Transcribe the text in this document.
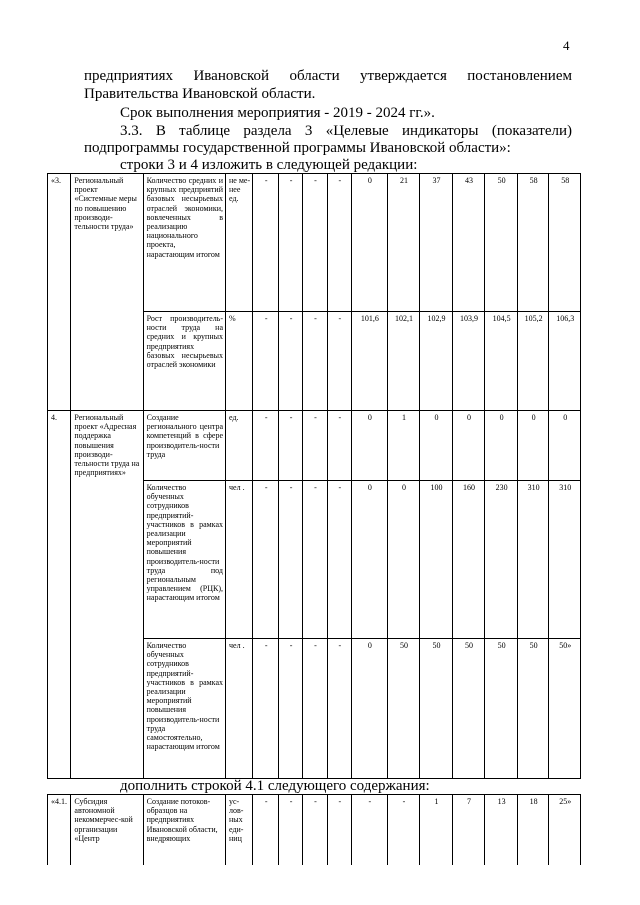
4
предприятиях Ивановской области утверждается постановлением
Правительства Ивановской области.
Срок выполнения мероприятия - 2019 - 2024 гг.».
3.3. В таблице раздела 3 «Целевые индикаторы (показатели)
подпрограммы государственной программы Ивановской области»:
строки 3 и 4 изложить в следующей редакции:
«3.	Региональный проект «Системные меры по повышению производи-тельности труда»	Количество средних и крупных предприятий базовых несырьевых отраслей экономики, вовлеченных в реализацию национального проекта, нарастающим итогом	не ме-нее ед.	-	-	-	-	0	21	37	43	50	58	58
		Рост производитель-ности труда на средних и крупных предприятиях базовых несырьевых отраслей экономики	%	-	-	-	-	101,6	102,1	102,9	103,9	104,5	105,2	106,3
4.	Региональный проект «Адресная поддержка повышения производи-тельности труда на предприятиях»	Создание регионального центра компетенций в сфере производитель-ности труда	ед.	-	-	-	-	0	1	0	0	0	0	0
		Количество обученных сотрудников предприятий-участников в рамках реализации мероприятий повышения производитель-ности труда под региональным управлением (РЦК), нарастающим итогом	чел .	-	-	-	-	0	0	100	160	230	310	310
		Количество обученных сотрудников предприятий-участников в рамках реализации мероприятий повышения производитель-ности труда самостоятельно, нарастающим итогом	чел .	-	-	-	-	0	50	50	50	50	50	50»
дополнить строкой 4.1 следующего содержания:
«4.1.	Субсидия автономной некоммерчес-кой организации «Центр	Создание потоков-образцов на предприятиях Ивановской области, внедряющих	ус-лов-ных еди-ниц	-	-	-	-	-	-	1	7	13	18	25»
